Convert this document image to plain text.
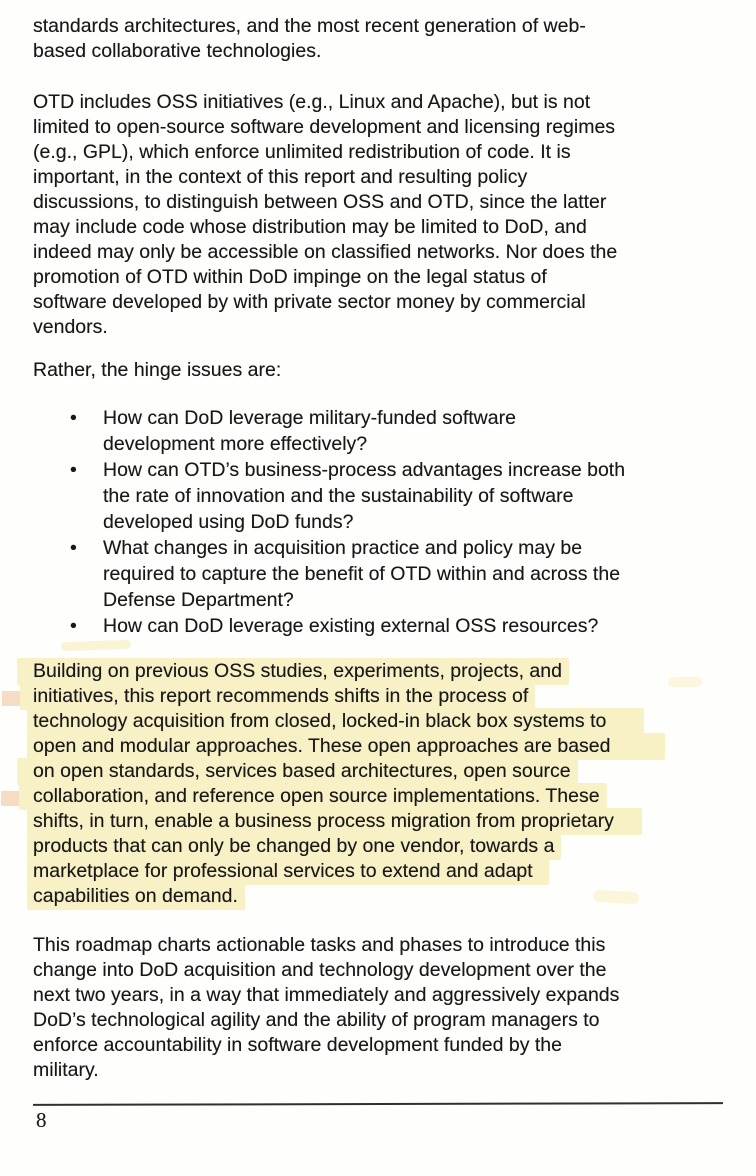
standards architectures, and the most recent generation of web-
based collaborative technologies.
OTD includes OSS initiatives (e.g., Linux and Apache), but is not
limited to open-source software development and licensing regimes
(e.g., GPL), which enforce unlimited redistribution of code. It is
important, in the context of this report and resulting policy
discussions, to distinguish between OSS and OTD, since the latter
may include code whose distribution may be limited to DoD, and
indeed may only be accessible on classified networks. Nor does the
promotion of OTD within DoD impinge on the legal status of
software developed by with private sector money by commercial
vendors.
Rather, the hinge issues are:
•	How can DoD leverage military-funded software
development more effectively?
•	How can OTD’s business-process advantages increase both
the rate of innovation and the sustainability of software
developed using DoD funds?
•	What changes in acquisition practice and policy may be
required to capture the benefit of OTD within and across the
Defense Department?
•	How can DoD leverage existing external OSS resources?
Building on previous OSS studies, experiments, projects, and
initiatives, this report recommends shifts in the process of
technology acquisition from closed, locked-in black box systems to
open and modular approaches. These open approaches are based
on open standards, services based architectures, open source
collaboration, and reference open source implementations. These
shifts, in turn, enable a business process migration from proprietary
products that can only be changed by one vendor, towards a
marketplace for professional services to extend and adapt
capabilities on demand.
This roadmap charts actionable tasks and phases to introduce this
change into DoD acquisition and technology development over the
next two years, in a way that immediately and aggressively expands
DoD’s technological agility and the ability of program managers to
enforce accountability in software development funded by the
military.
8
